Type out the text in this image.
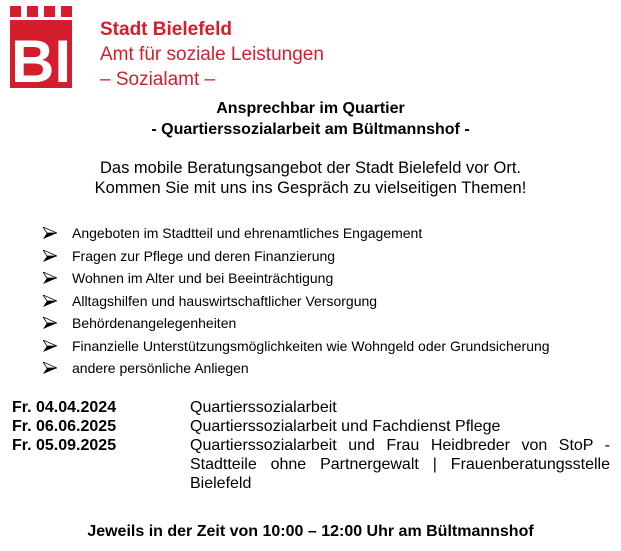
BI Stadt Bielefeld
Amt für soziale Leistungen
– Sozialamt –
Ansprechbar im Quartier
- Quartierssozialarbeit am Bültmannshof -
Das mobile Beratungsangebot der Stadt Bielefeld vor Ort.
Kommen Sie mit uns ins Gespräch zu vielseitigen Themen!
Angeboten im Stadtteil und ehrenamtliches Engagement
Fragen zur Pflege und deren Finanzierung
Wohnen im Alter und bei Beeinträchtigung
Alltagshilfen und hauswirtschaftlicher Versorgung
Behördenangelegenheiten
Finanzielle Unterstützungsmöglichkeiten wie Wohngeld oder Grundsicherung
andere persönliche Anliegen
Fr. 04.04.2024	Quartierssozialarbeit
Fr. 06.06.2025	Quartierssozialarbeit und Fachdienst Pflege
Fr. 05.09.2025	Quartierssozialarbeit und Frau Heidbreder von StoP - Stadtteile ohne Partnergewalt | Frauenberatungsstelle Bielefeld
Jeweils in der Zeit von 10:00 – 12:00 Uhr am Bültmannshof
